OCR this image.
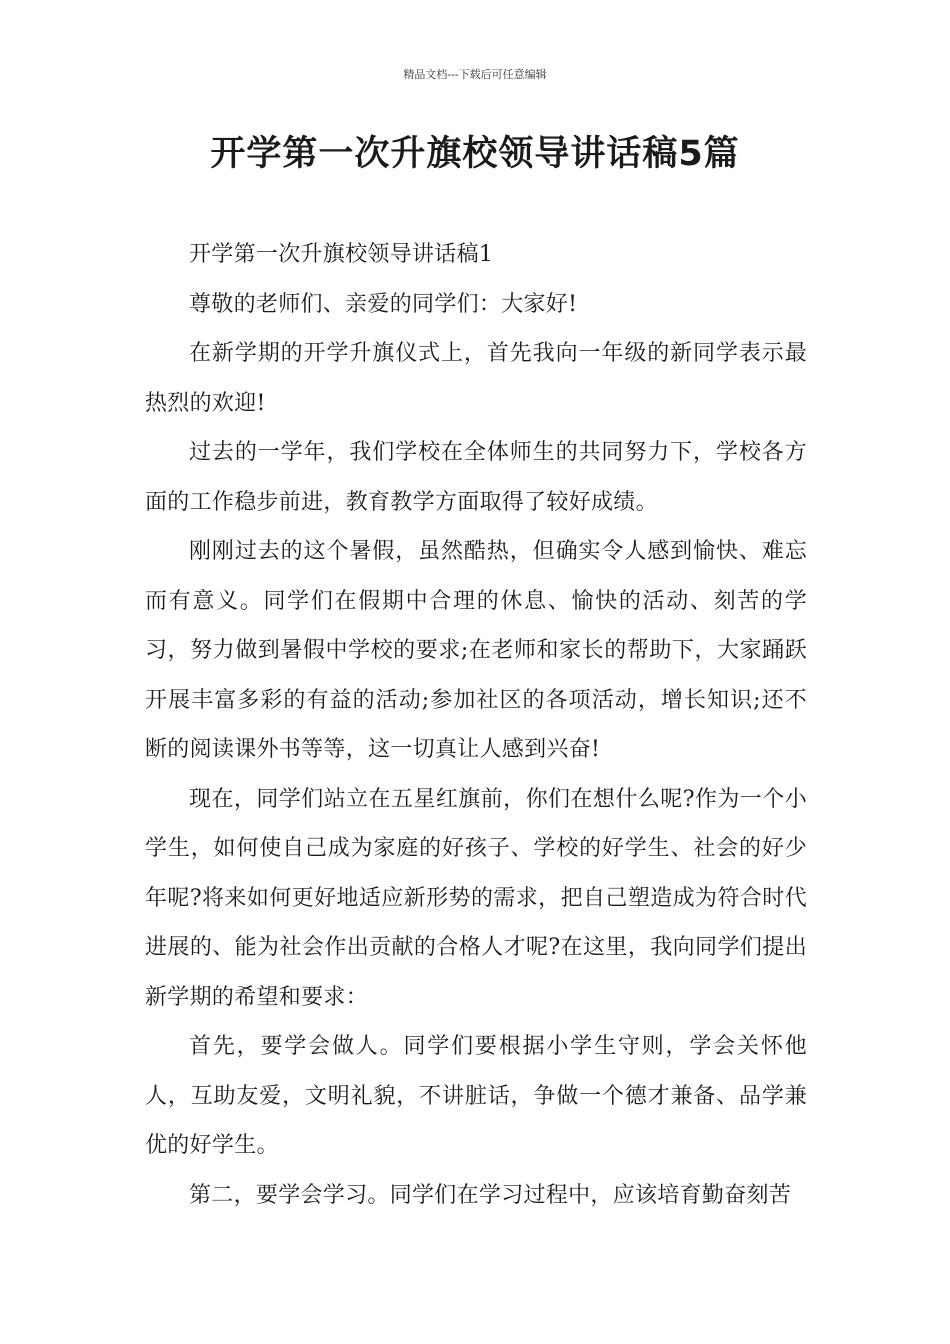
精品文档---下载后可任意编辑
开学第一次升旗校领导讲话稿5篇

开学第一次升旗校领导讲话稿1

尊敬的老师们、亲爱的同学们：大家好!

在新学期的开学升旗仪式上，首先我向一年级的新同学表示最热烈的欢迎!

过去的一学年，我们学校在全体师生的共同努力下，学校各方面的工作稳步前进，教育教学方面取得了较好成绩。

刚刚过去的这个暑假，虽然酷热，但确实令人感到愉快、难忘而有意义。同学们在假期中合理的休息、愉快的活动、刻苦的学习，努力做到暑假中学校的要求;在老师和家长的帮助下，大家踊跃开展丰富多彩的有益的活动;参加社区的各项活动，增长知识;还不断的阅读课外书等等，这一切真让人感到兴奋!

现在，同学们站立在五星红旗前，你们在想什么呢?作为一个小学生，如何使自己成为家庭的好孩子、学校的好学生、社会的好少年呢?将来如何更好地适应新形势的需求，把自己塑造成为符合时代进展的、能为社会作出贡献的合格人才呢?在这里，我向同学们提出新学期的希望和要求：

首先，要学会做人。同学们要根据小学生守则，学会关怀他人，互助友爱，文明礼貌，不讲脏话，争做一个德才兼备、品学兼优的好学生。

第二，要学会学习。同学们在学习过程中，应该培育勤奋刻苦
